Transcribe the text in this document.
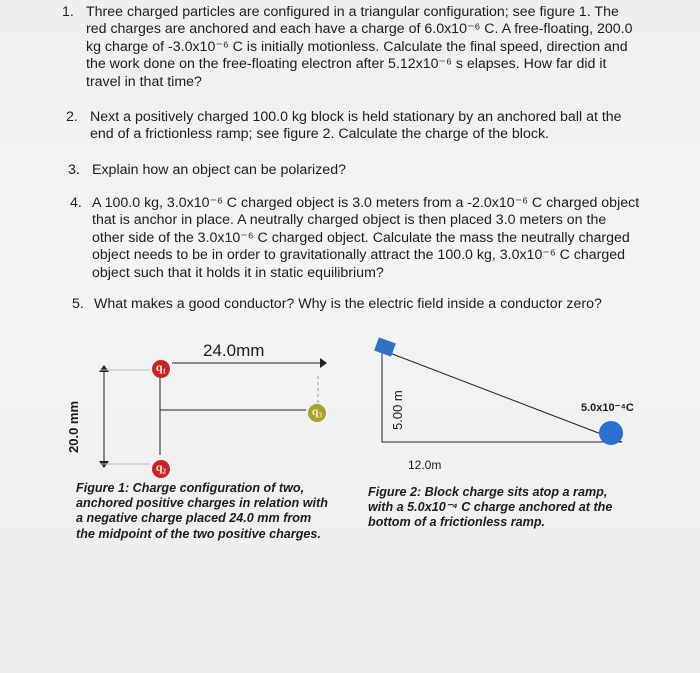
1. Three charged particles are configured in a triangular configuration; see figure 1. The
red charges are anchored and each have a charge of 6.0x10⁻⁶ C. A free-floating, 200.0
kg charge of -3.0x10⁻⁶ C is initially motionless. Calculate the final speed, direction and
the work done on the free-floating electron after 5.12x10⁻⁶ s elapses. How far did it
travel in that time?
2. Next a positively charged 100.0 kg block is held stationary by an anchored ball at the
end of a frictionless ramp; see figure 2. Calculate the charge of the block.
3. Explain how an object can be polarized?
4. A 100.0 kg, 3.0x10⁻⁶ C charged object is 3.0 meters from a -2.0x10⁻⁶ C charged object
that is anchor in place. A neutrally charged object is then placed 3.0 meters on the
other side of the 3.0x10⁻⁶ C charged object. Calculate the mass the neutrally charged
object needs to be in order to gravitationally attract the 100.0 kg, 3.0x10⁻⁶ C charged
object such that it holds it in static equilibrium?
5. What makes a good conductor? Why is the electric field inside a conductor zero?
24.0mm
20.0 mm
q₁
q₃
q₂
Figure 1: Charge configuration of two,
anchored positive charges in relation with
a negative charge placed 24.0 mm from
the midpoint of the two positive charges.
5.00 m
12.0m
5.0x10⁻⁴C
Figure 2: Block charge sits atop a ramp,
with a 5.0x10⁻⁴ C charge anchored at the
bottom of a frictionless ramp.
